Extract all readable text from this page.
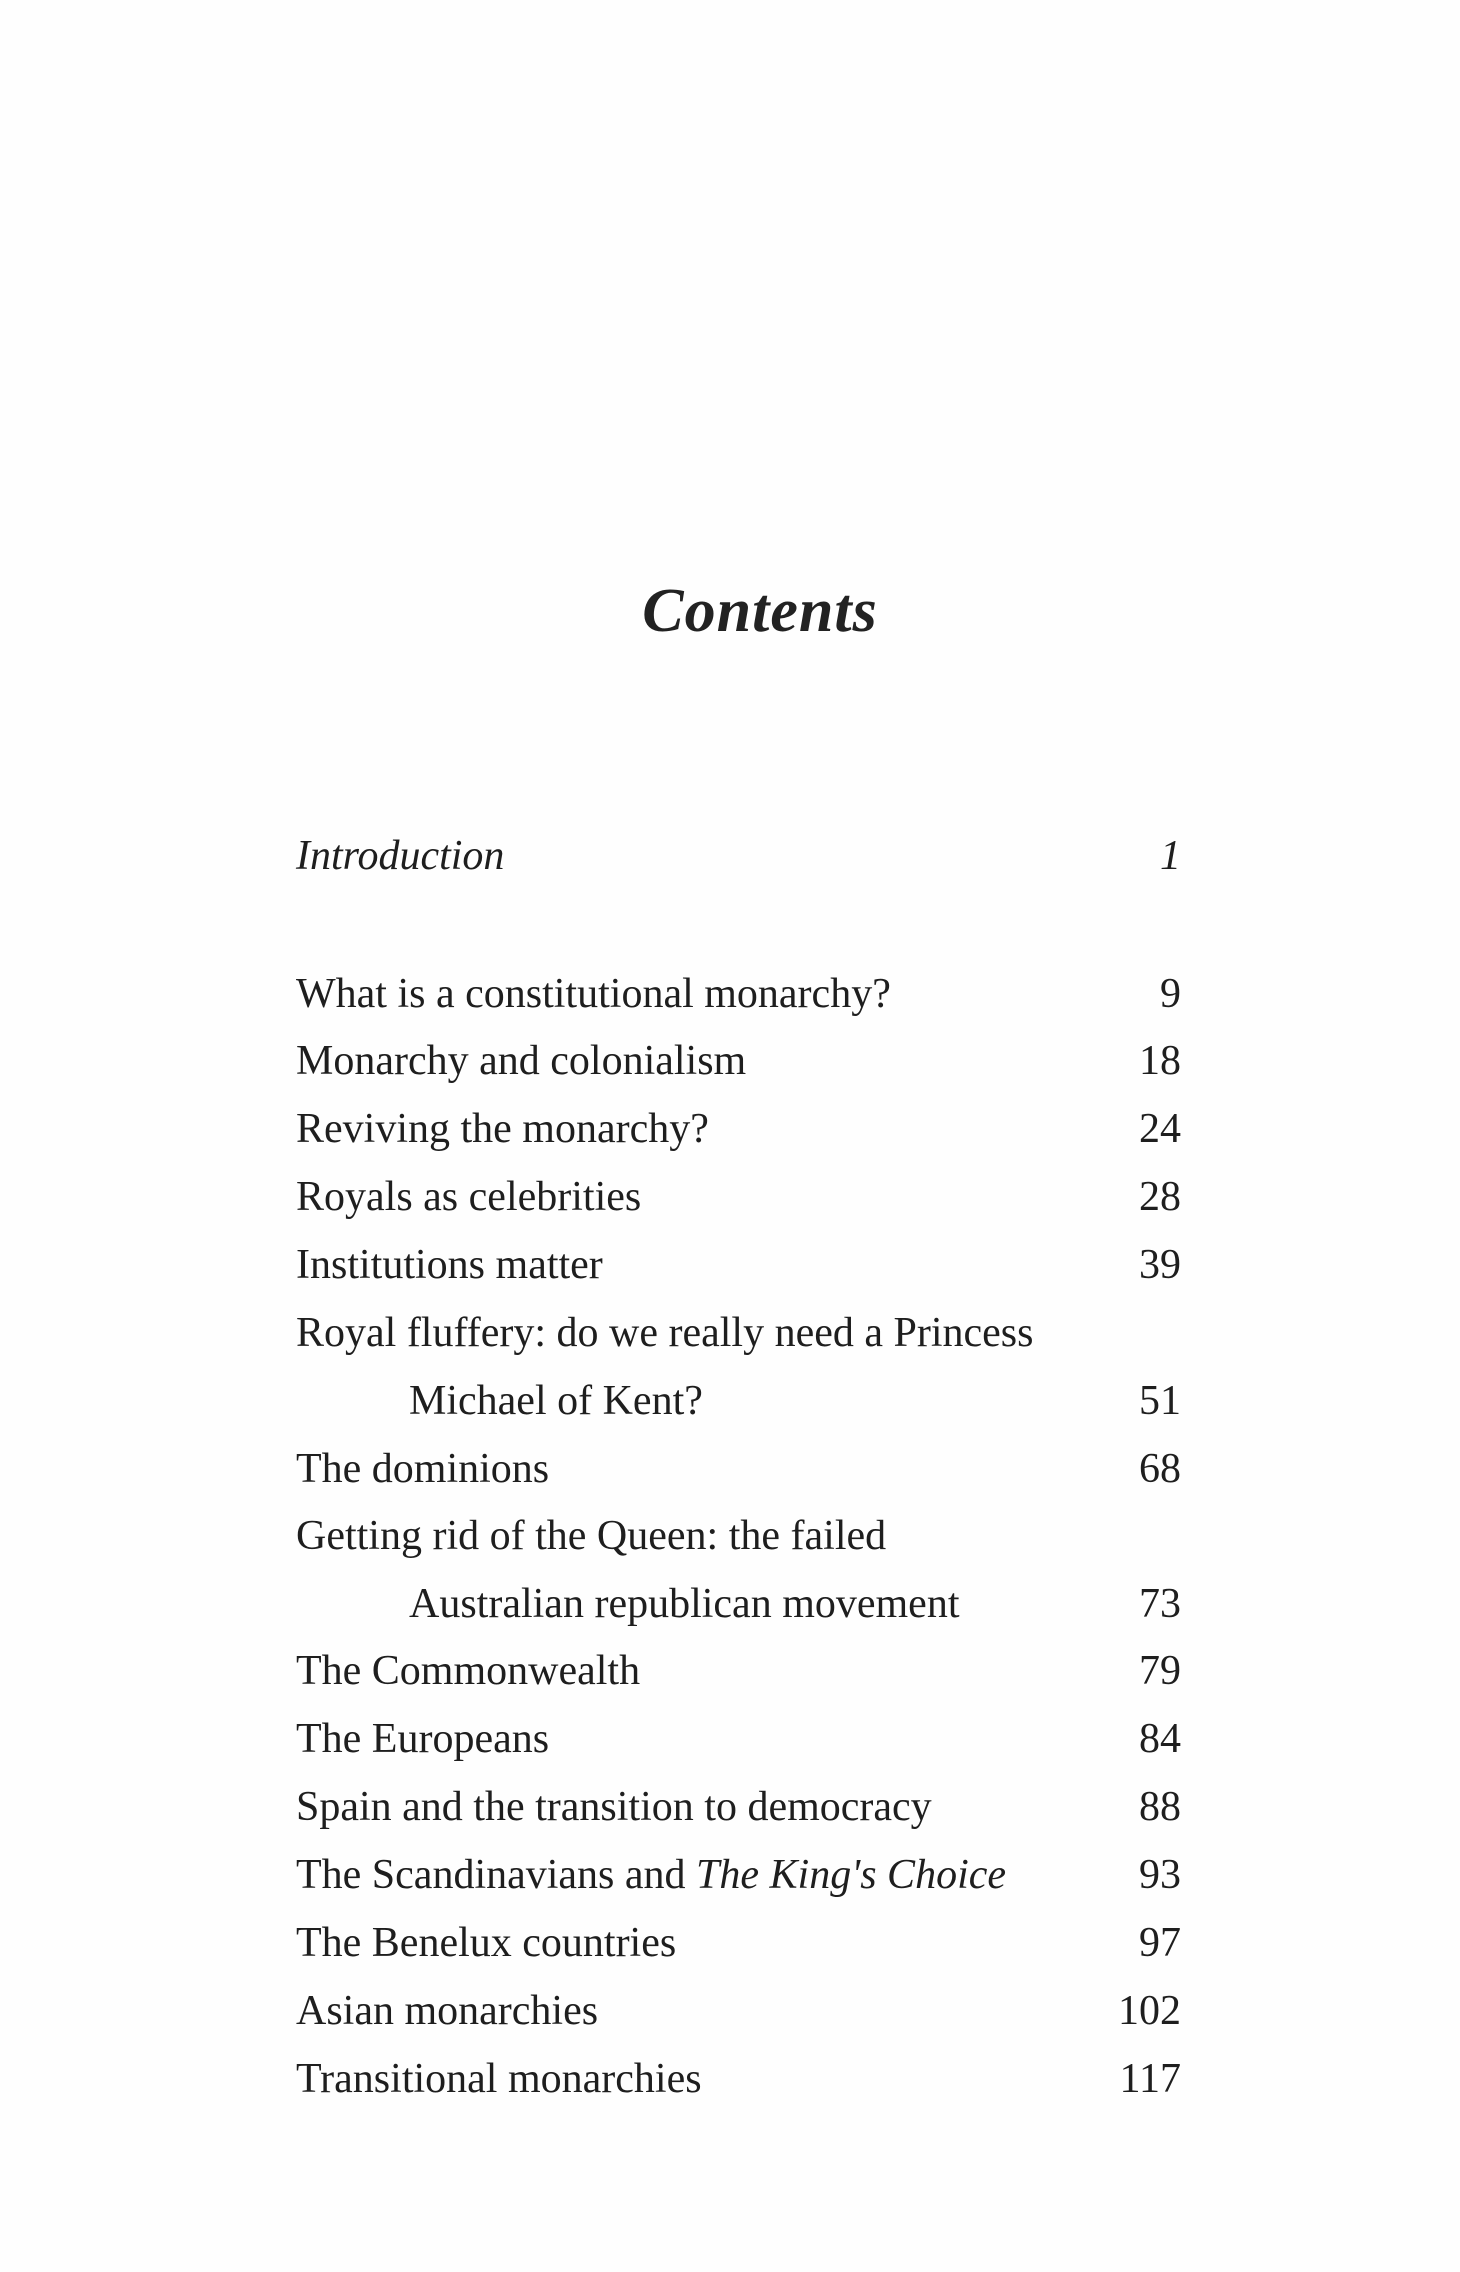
Contents
Introduction	1
What is a constitutional monarchy?	9
Monarchy and colonialism	18
Reviving the monarchy?	24
Royals as celebrities	28
Institutions matter	39
Royal fluffery: do we really need a Princess
Michael of Kent?	51
The dominions	68
Getting rid of the Queen: the failed
Australian republican movement	73
The Commonwealth	79
The Europeans	84
Spain and the transition to democracy	88
The Scandinavians and The King's Choice	93
The Benelux countries	97
Asian monarchies	102
Transitional monarchies	117
